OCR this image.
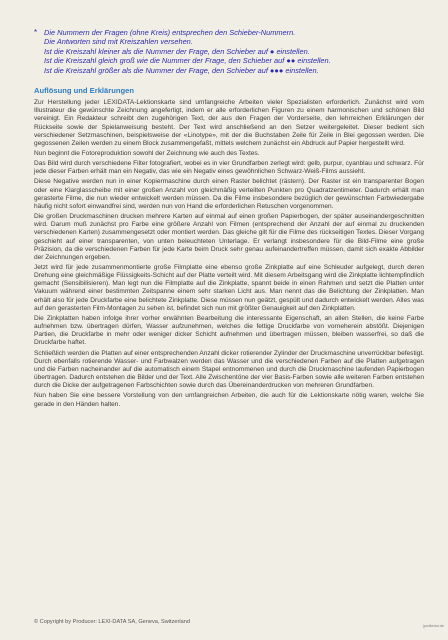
* Die Nummern der Fragen (ohne Kreis) entsprechen den Schieber-Nummern.

Die Antworten sind mit Kreiszahlen versehen.

Ist die Kreiszahl kleiner als die Nummer der Frage, den Schieber auf ● einstellen.

Ist die Kreiszahl gleich groß wie die Nummer der Frage, den Schieber auf ●● einstellen.

Ist die Kreiszahl größer als die Nummer der Frage, den Schieber auf ●●● einstellen.

Auflösung und Erklärungen

Zur Herstellung jeder LEXIDATA-Lektionskarte sind umfangreiche Arbeiten vieler Spezialisten erforderlich. Zunächst wird vom Illustrateur die gewünschte Zeichnung angefertigt, indem er alle erforderlichen Figuren zu einem harmonischen und schönen Bild vereinigt. Ein Redakteur schreibt den zugehörigen Text, der aus den Fragen der Vorderseite, den lehrreichen Erklärungen der Rückseite sowie der Spielanweisung besteht. Der Text wird anschließend an den Setzer weitergeleitet. Dieser bedient sich verschiedener Setzmaschinen, beispielsweise der «Linotype», mit der die Buchstaben Zeile für Zeile in Blei gegossen werden. Die gegossenen Zeilen werden zu einem Block zusammengefaßt, mittels welchem zunächst ein Abdruck auf Papier hergestellt wird.

Nun beginnt die Fotoreproduktion sowohl der Zeichnung wie auch des Textes.

Das Bild wird durch verschiedene Filter fotografiert, wobei es in vier Grundfarben zerlegt wird: gelb, purpur, cyanblau und schwarz. Für jede dieser Farben erhält man ein Negativ, das wie ein Negativ eines gewöhnlichen Schwarz-Weiß-Films aussieht.

Diese Negative werden nun in einer Kopiermaschine durch einen Raster belichtet (rästern). Der Raster ist ein transparenter Bogen oder eine Klarglasscheibe mit einer großen Anzahl von gleichmäßig verteilten Punkten pro Quadratzentimeter. Dadurch erhält man gerasterte Filme, die nun wieder entwickelt werden müssen. Da die Filme insbesondere bezüglich der gewünschten Farbwiedergabe häufig nicht sofort einwandfrei sind, werden nun von Hand die erforderlichen Retuschen vorgenommen.

Die großen Druckmaschinen drucken mehrere Karten auf einmal auf einen großen Papierbogen, der später auseinandergeschnitten wird. Darum muß zunächst pro Farbe eine größere Anzahl von Filmen (entsprechend der Anzahl der auf einmal zu druckenden verschiedenen Karten) zusammengesetzt oder montiert werden. Das gleiche gilt für die Filme des rückseitigen Textes. Dieser Vorgang geschieht auf einer transparenten, von unten beleuchteten Unterlage. Er verlangt insbesondere für die Bild-Filme eine große Präzision, da die verschiedenen Farben für jede Karte beim Druck sehr genau aufeinandertreffen müssen, damit sich exakte Abbilder der Zeichnungen ergeben.

Jetzt wird für jede zusammenmontierte große Filmplatte eine ebenso große Zinkplatte auf eine Schleuder aufgelegt, durch deren Drehung eine gleichmäßige Flüssigkeits-Schicht auf der Platte verteilt wird. Mit diesem Arbeitsgang wird die Zinkplatte lichtempfindlich gemacht (Sensibilisieren). Man legt nun die Filmplatte auf die Zinkplatte, spannt beide in einen Rahmen und setzt die Platten unter Vakuum während einer bestimmten Zeitspanne einem sehr starken Licht aus. Man nennt das die Belichtung der Zinkplatten. Man erhält also für jede Druckfarbe eine belichtete Zinkplatte. Diese müssen nun geätzt, gespült und dadurch entwickelt werden. Alles was auf den gerasterten Film-Montagen zu sehen ist, befindet sich nun mit größter Genauigkeit auf den Zinkplatten.

Die Zinkplatten haben infolge ihrer vorher erwähnten Bearbeitung die interessante Eigenschaft, an allen Stellen, die keine Farbe aufnehmen bzw. übertragen dürfen, Wasser aufzunehmen, welches die fettige Druckfarbe von vorneherein abstößt. Diejenigen Partien, die Druckfarbe in mehr oder weniger dicker Schicht aufnehmen und übertragen müssen, bleiben wasserfrei, so daß die Druckfarbe haftet.

Schließlich werden die Platten auf einer entsprechenden Anzahl dicker rotierender Zylinder der Druckmaschine unverrückbar befestigt. Durch ebenfalls rotierende Wasser- und Farbwalzen werden das Wasser und die verschiedenen Farben auf die Platten aufgetragen und die Farben nacheinander auf die automatisch einem Stapel entnommenen und durch die Druckmaschine laufenden Papierbogen übertragen. Dadurch entstehen die Bilder und der Text. Alle Zwischentöne der vier Basis-Farben sowie alle weiteren Farben entstehen durch die Dicke der aufgetragenen Farbschichten sowie durch das Übereinanderdrucken von mehreren Grundfarben.

Nun haben Sie eine bessere Vorstellung von den umfangreichen Arbeiten, die auch für die Lektionskarte nötig waren, welche Sie gerade in den Händen halten.

© Copyright by Producer: LEXI-DATA SA, Geneva, Switzerland
jpcollector.de
